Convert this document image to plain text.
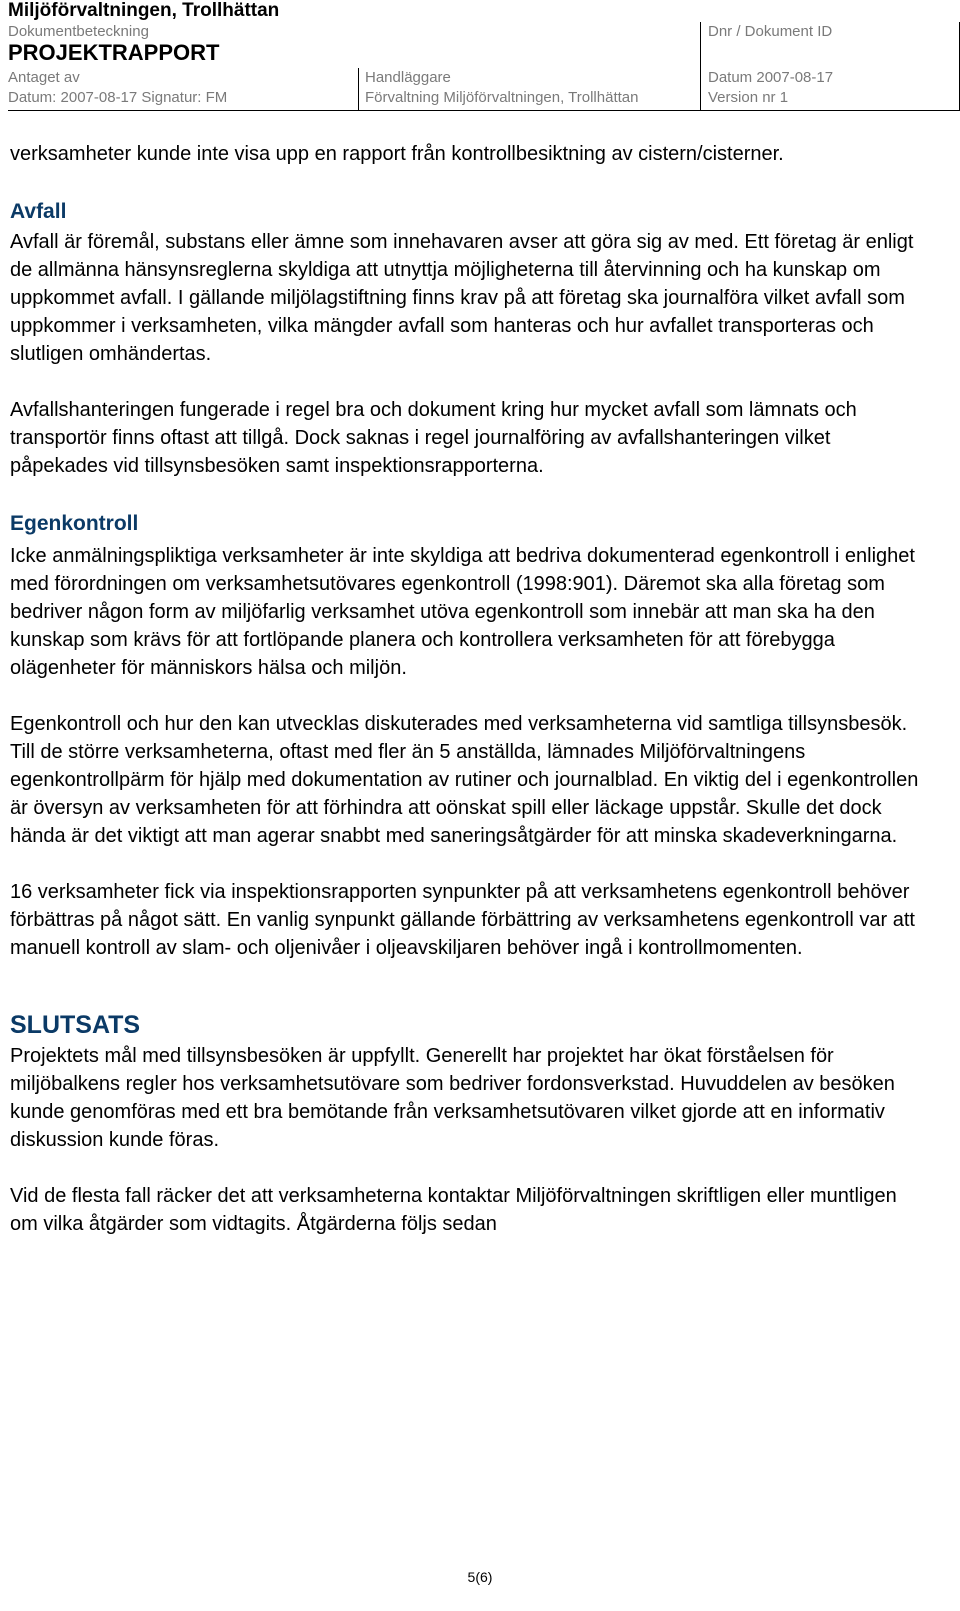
Miljöförvaltningen, Trollhättan
Dokumentbeteckning	Dnr / Dokument ID
PROJEKTRAPPORT
Antaget av	Handläggare	Datum 2007-08-17
Datum: 2007-08-17 Signatur: FM	Förvaltning Miljöförvaltningen, Trollhättan	Version nr 1

verksamheter kunde inte visa upp en rapport från kontrollbesiktning av cistern/cisterner.

Avfall

Avfall är föremål, substans eller ämne som innehavaren avser att göra sig av med. Ett företag är enligt de allmänna hänsynsreglerna skyldiga att utnyttja möjligheterna till återvinning och ha kunskap om uppkommet avfall. I gällande miljölagstiftning finns krav på att företag ska journalföra vilket avfall som uppkommer i verksamheten, vilka mängder avfall som hanteras och hur avfallet transporteras och slutligen omhändertas.

Avfallshanteringen fungerade i regel bra och dokument kring hur mycket avfall som lämnats och transportör finns oftast att tillgå. Dock saknas i regel journalföring av avfallshanteringen vilket påpekades vid tillsynsbesöken samt inspektionsrapporterna.

Egenkontroll

Icke anmälningspliktiga verksamheter är inte skyldiga att bedriva dokumenterad egenkontroll i enlighet med förordningen om verksamhetsutövares egenkontroll (1998:901). Däremot ska alla företag som bedriver någon form av miljöfarlig verksamhet utöva egenkontroll som innebär att man ska ha den kunskap som krävs för att fortlöpande planera och kontrollera verksamheten för att förebygga olägenheter för människors hälsa och miljön.

Egenkontroll och hur den kan utvecklas diskuterades med verksamheterna vid samtliga tillsynsbesök. Till de större verksamheterna, oftast med fler än 5 anställda, lämnades Miljöförvaltningens egenkontrollpärm för hjälp med dokumentation av rutiner och journalblad. En viktig del i egenkontrollen är översyn av verksamheten för att förhindra att oönskat spill eller läckage uppstår. Skulle det dock hända är det viktigt att man agerar snabbt med saneringsåtgärder för att minska skadeverkningarna.

16 verksamheter fick via inspektionsrapporten synpunkter på att verksamhetens egenkontroll behöver förbättras på något sätt. En vanlig synpunkt gällande förbättring av verksamhetens egenkontroll var att manuell kontroll av slam- och oljenivåer i oljeavskiljaren behöver ingå i kontrollmomenten.

SLUTSATS

Projektets mål med tillsynsbesöken är uppfyllt. Generellt har projektet har ökat förståelsen för miljöbalkens regler hos verksamhetsutövare som bedriver fordonsverkstad. Huvuddelen av besöken kunde genomföras med ett bra bemötande från verksamhetsutövaren vilket gjorde att en informativ diskussion kunde föras.

Vid de flesta fall räcker det att verksamheterna kontaktar Miljöförvaltningen skriftligen eller muntligen om vilka åtgärder som vidtagits. Åtgärderna följs sedan

5(6)
